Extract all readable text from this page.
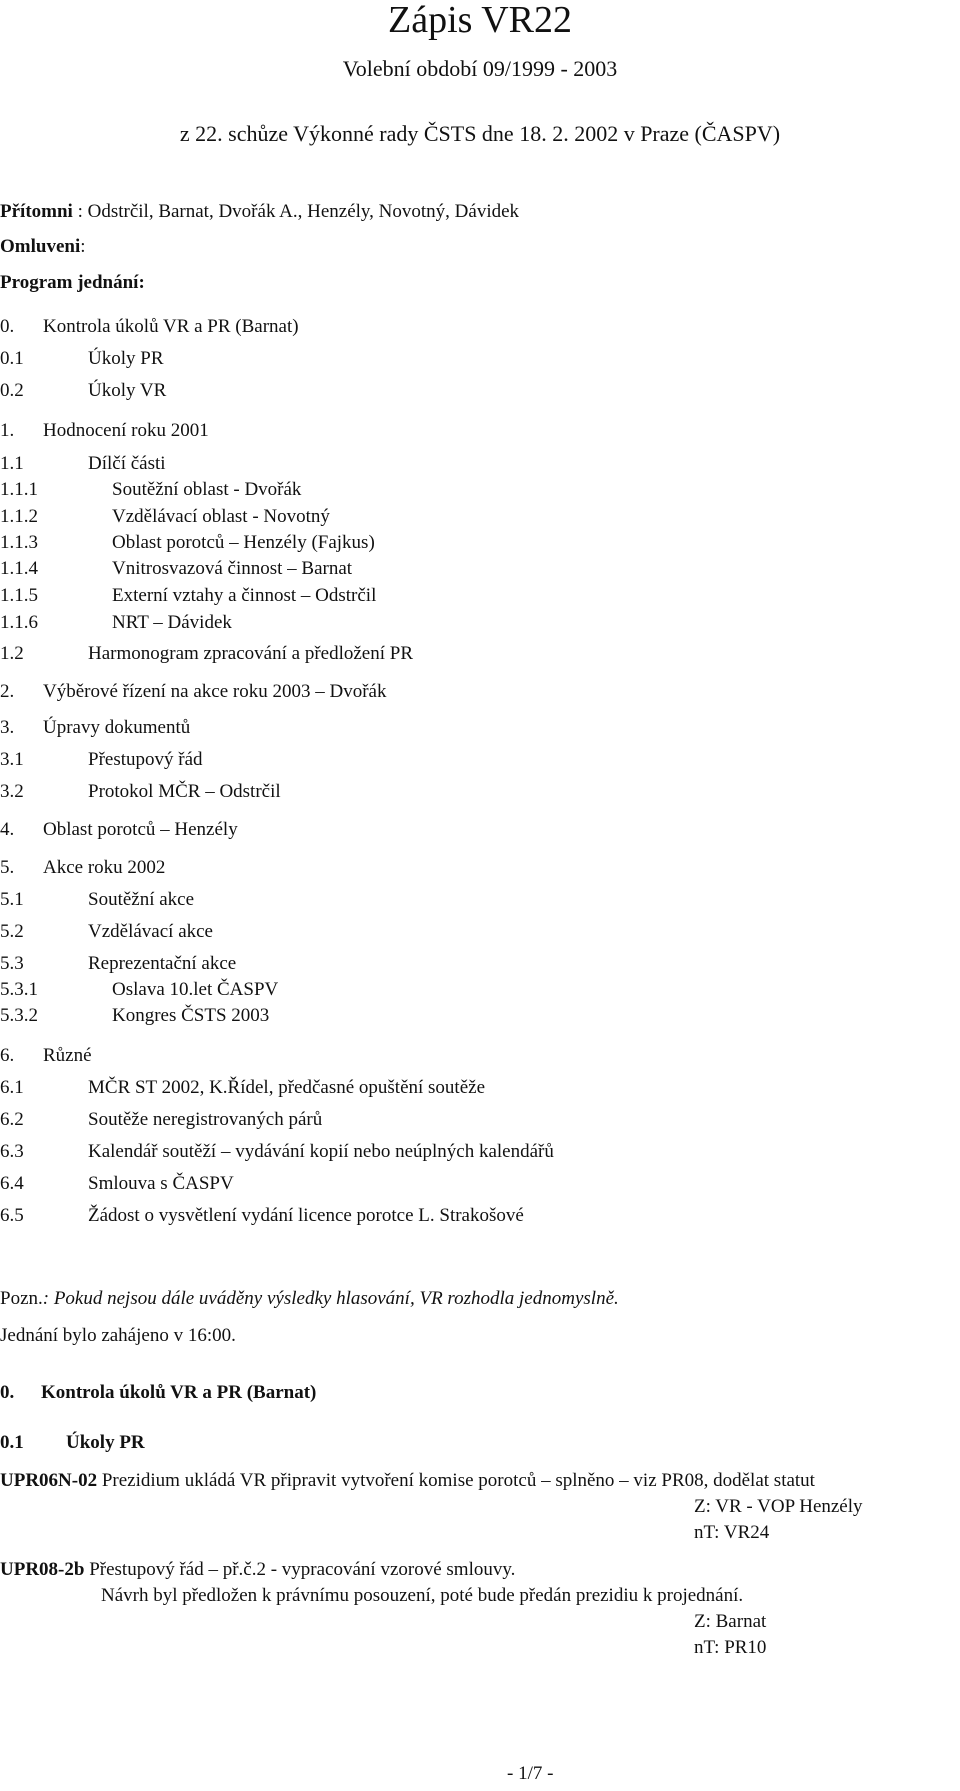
Zápis VR22
Volební období 09/1999 - 2003
z 22. schůze Výkonné rady ČSTS dne 18. 2. 2002 v Praze (ČASPV)
Přítomni : Odstrčil, Barnat, Dvořák A., Henzély, Novotný, Dávidek
Omluveni:
Program jednání:
0. Kontrola úkolů VR a PR (Barnat)
0.1	Úkoly PR
0.2	Úkoly VR
1. Hodnocení roku 2001
1.1	Dílčí části
1.1.1	Soutěžní oblast - Dvořák
1.1.2	Vzdělávací oblast - Novotný
1.1.3	Oblast porotců – Henzély (Fajkus)
1.1.4	Vnitrosvazová činnost – Barnat
1.1.5	Externí vztahy a činnost – Odstrčil
1.1.6	NRT – Dávidek
1.2	Harmonogram zpracování a předložení PR
2. Výběrové řízení na akce roku 2003 – Dvořák
3. Úpravy dokumentů
3.1	Přestupový řád
3.2	Protokol MČR – Odstrčil
4. Oblast porotců – Henzély
5. Akce roku 2002
5.1	Soutěžní akce
5.2	Vzdělávací akce
5.3	Reprezentační akce
5.3.1	Oslava 10.let ČASPV
5.3.2	Kongres ČSTS 2003
6. Různé
6.1	MČR ST 2002, K.Řídel, předčasné opuštění soutěže
6.2	Soutěže neregistrovaných párů
6.3	Kalendář soutěží – vydávání kopií nebo neúplných kalendářů
6.4	Smlouva s ČASPV
6.5	Žádost o vysvětlení vydání licence porotce L. Strakošové
Pozn.: Pokud nejsou dále uváděny výsledky hlasování, VR rozhodla jednomyslně.
Jednání bylo zahájeno v 16:00.
0. Kontrola úkolů VR a PR (Barnat)
0.1 Úkoly PR
UPR06N-02 Prezidium ukládá VR připravit vytvoření komise porotců – splněno – viz PR08, dodělat statut
Z: VR - VOP Henzély
nT: VR24
UPR08-2b Přestupový řád – př.č.2 - vypracování vzorové smlouvy.
Návrh byl předložen k právnímu posouzení, poté bude předán prezidiu k projednání.
Z: Barnat
nT: PR10
- 1/7 -
